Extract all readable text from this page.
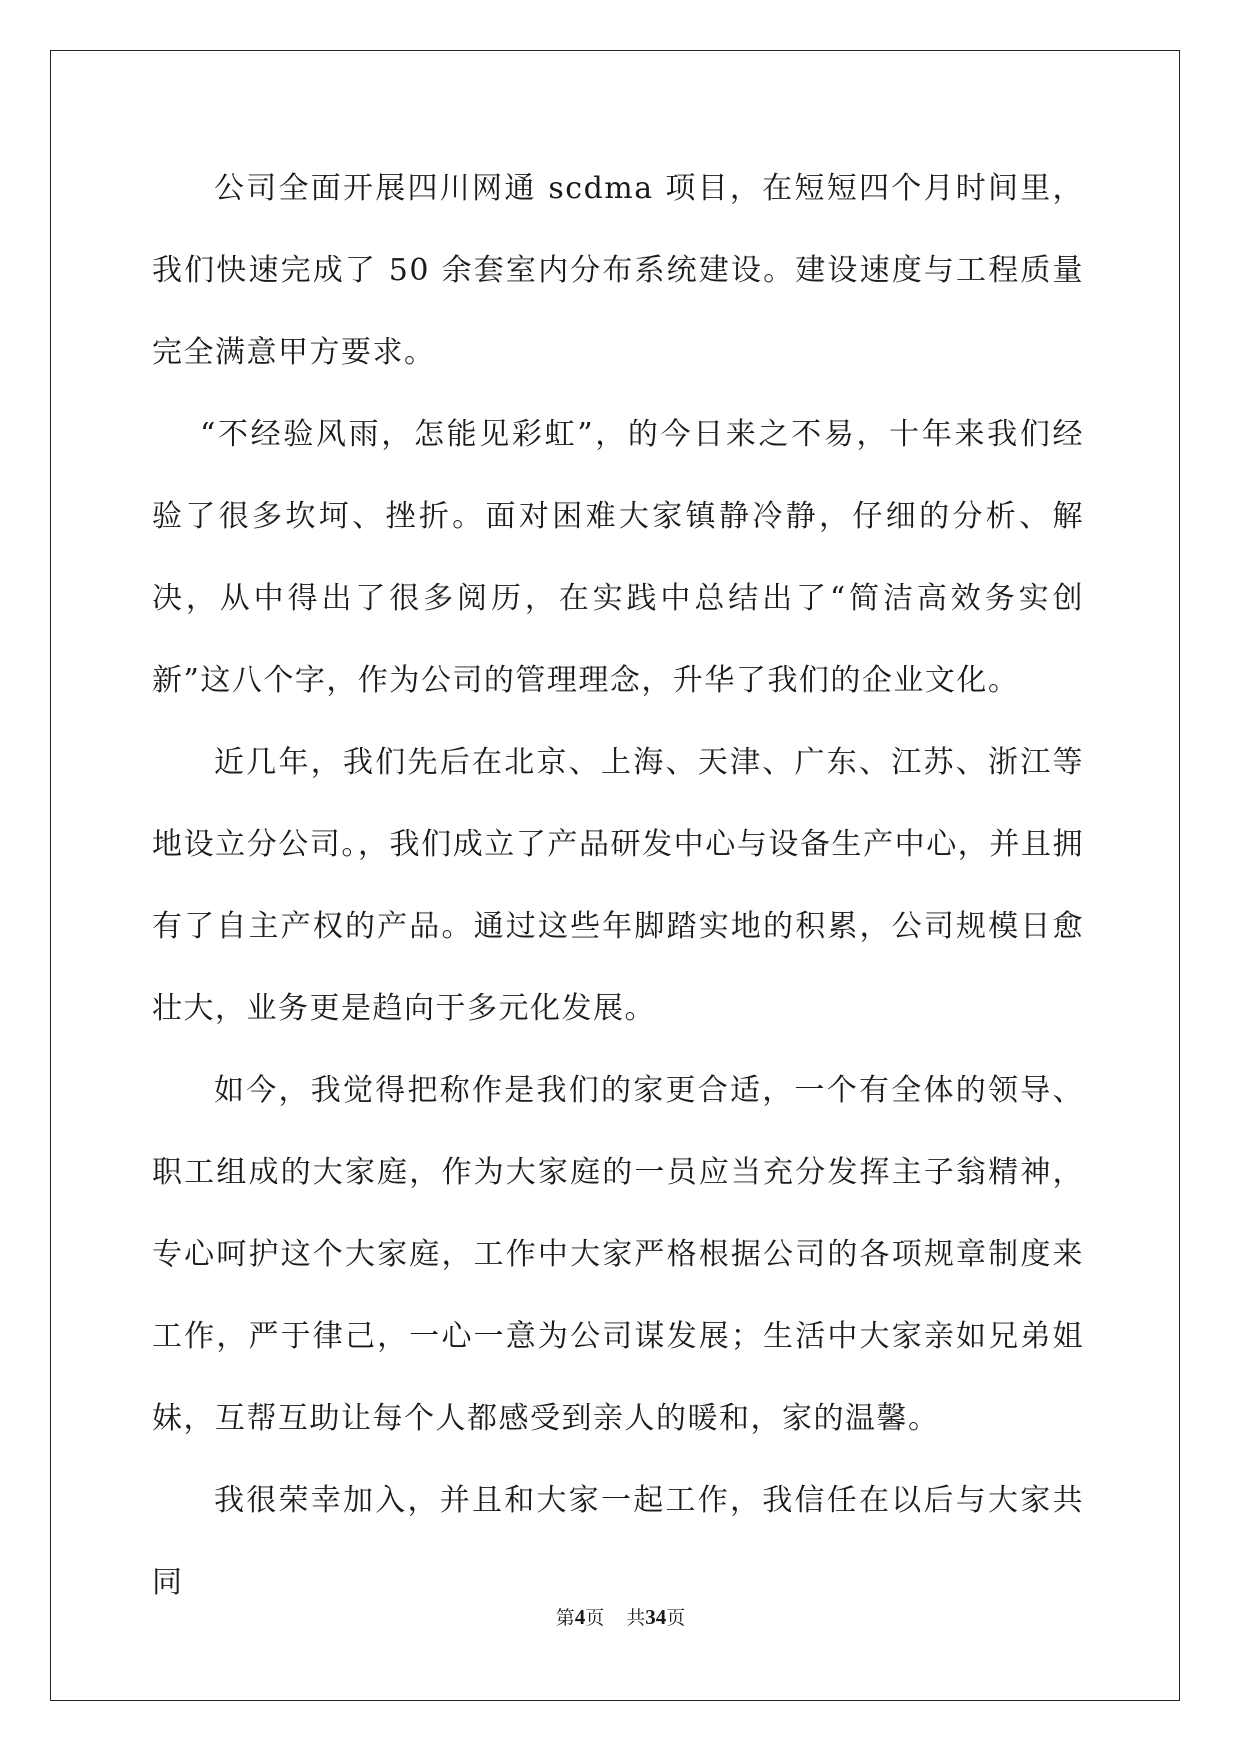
公司全面开展四川网通 scdma 项目，在短短四个月时间里，我们快速完成了 50 余套室内分布系统建设。建设速度与工程质量完全满意甲方要求。

“不经验风雨，怎能见彩虹”，的今日来之不易，十年来我们经验了很多坎坷、挫折。面对困难大家镇静冷静，仔细的分析、解决，从中得出了很多阅历，在实践中总结出了“简洁高效务实创新”这八个字，作为公司的管理理念，升华了我们的企业文化。

近几年，我们先后在北京、上海、天津、广东、江苏、浙江等地设立分公司。，我们成立了产品研发中心与设备生产中心，并且拥有了自主产权的产品。通过这些年脚踏实地的积累，公司规模日愈壮大，业务更是趋向于多元化发展。

如今，我觉得把称作是我们的家更合适，一个有全体的领导、职工组成的大家庭，作为大家庭的一员应当充分发挥主子翁精神，专心呵护这个大家庭，工作中大家严格根据公司的各项规章制度来工作，严于律己，一心一意为公司谋发展；生活中大家亲如兄弟姐妹，互帮互助让每个人都感受到亲人的暖和，家的温馨。

我很荣幸加入，并且和大家一起工作，我信任在以后与大家共同

第4页 共34页
